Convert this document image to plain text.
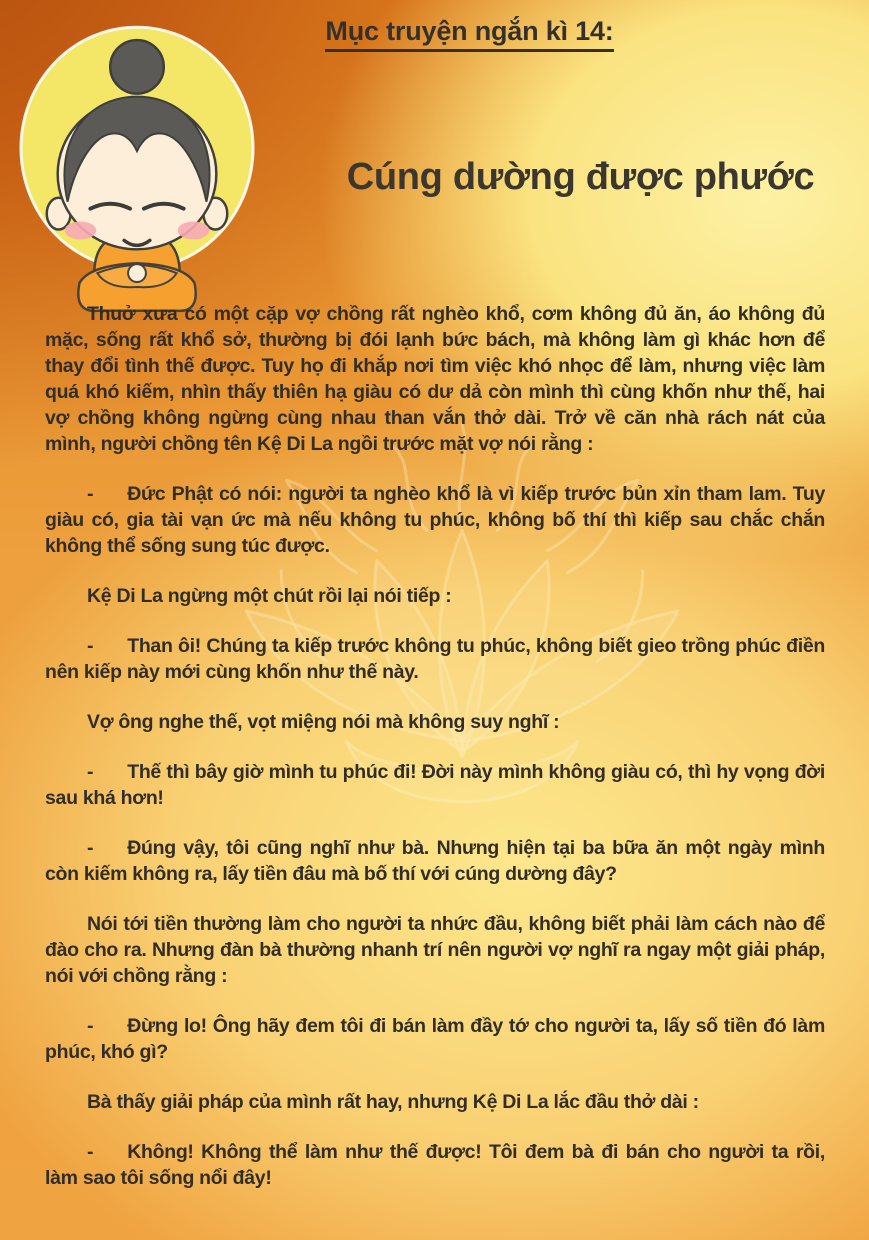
Mục truyện ngắn kì 14:
Cúng dường được phước

Thuở xưa có một cặp vợ chồng rất nghèo khổ, cơm không đủ ăn, áo không đủ mặc, sống rất khổ sở, thường bị đói lạnh bức bách, mà không làm gì khác hơn để thay đổi tình thế được. Tuy họ đi khắp nơi tìm việc khó nhọc để làm, nhưng việc làm quá khó kiếm, nhìn thấy thiên hạ giàu có dư dả còn mình thì cùng khốn như thế, hai vợ chồng không ngừng cùng nhau than vắn thở dài. Trở về căn nhà rách nát của mình, người chồng tên Kệ Di La ngồi trước mặt vợ nói rằng :

- Đức Phật có nói: người ta nghèo khổ là vì kiếp trước bủn xỉn tham lam. Tuy giàu có, gia tài vạn ức mà nếu không tu phúc, không bố thí thì kiếp sau chắc chắn không thể sống sung túc được.

Kệ Di La ngừng một chút rồi lại nói tiếp :

- Than ôi! Chúng ta kiếp trước không tu phúc, không biết gieo trồng phúc điền nên kiếp này mới cùng khốn như thế này.

Vợ ông nghe thế, vọt miệng nói mà không suy nghĩ :

- Thế thì bây giờ mình tu phúc đi! Đời này mình không giàu có, thì hy vọng đời sau khá hơn!

- Đúng vậy, tôi cũng nghĩ như bà. Nhưng hiện tại ba bữa ăn một ngày mình còn kiếm không ra, lấy tiền đâu mà bố thí với cúng dường đây?

Nói tới tiền thường làm cho người ta nhức đầu, không biết phải làm cách nào để đào cho ra. Nhưng đàn bà thường nhanh trí nên người vợ nghĩ ra ngay một giải pháp, nói với chồng rằng :

- Đừng lo! Ông hãy đem tôi đi bán làm đầy tớ cho người ta, lấy số tiền đó làm phúc, khó gì?

Bà thấy giải pháp của mình rất hay, nhưng Kệ Di La lắc đầu thở dài :

- Không! Không thể làm như thế được! Tôi đem bà đi bán cho người ta rồi, làm sao tôi sống nổi đây!
